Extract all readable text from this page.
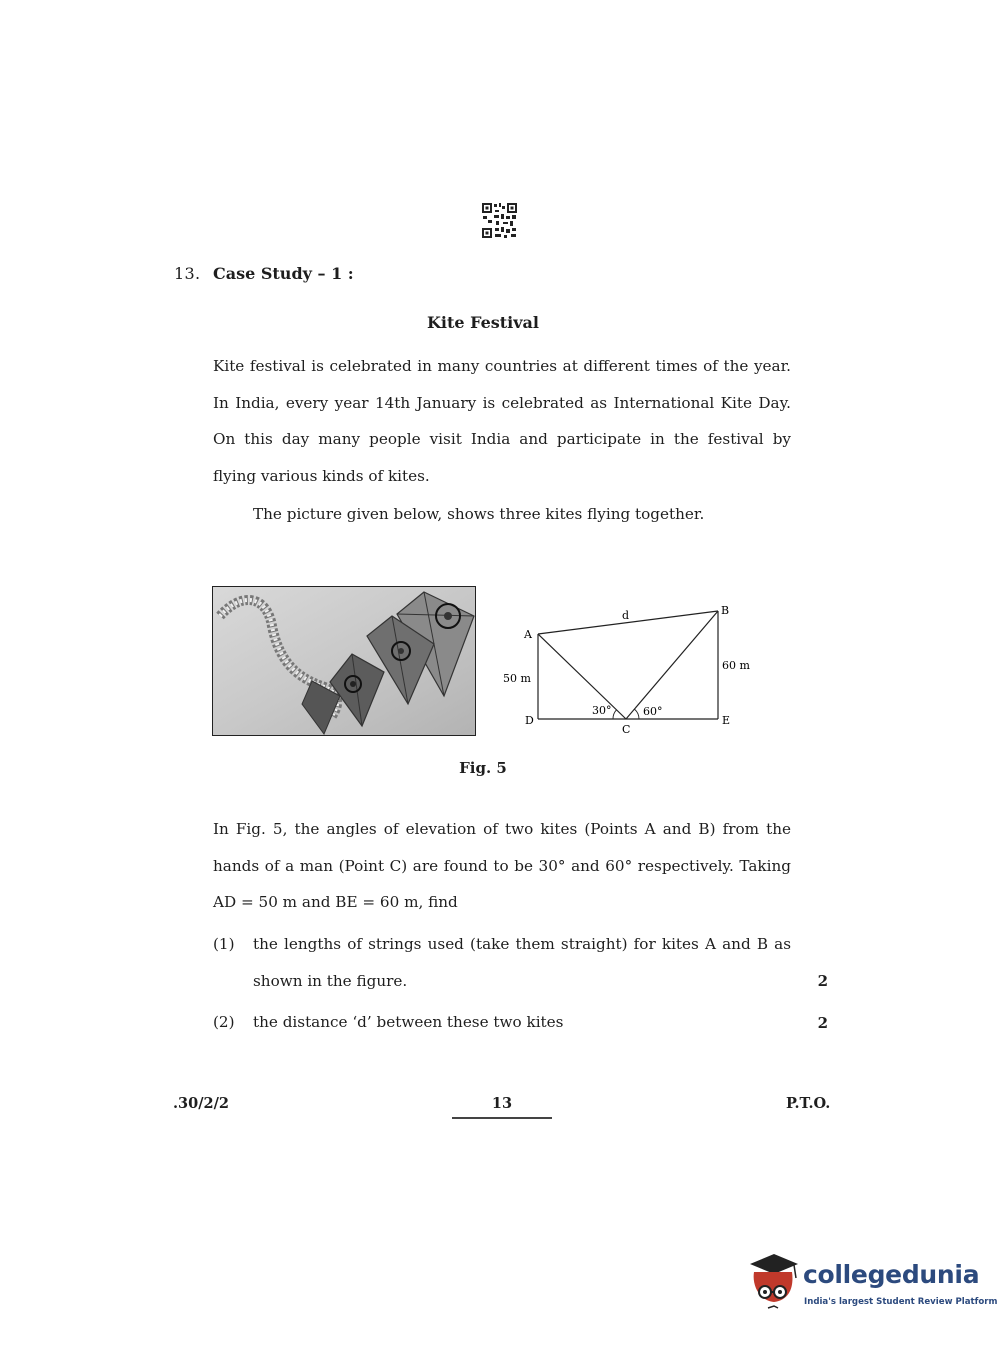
13. Case Study – 1 :
Kite Festival
Kite festival is celebrated in many countries at different times of the year.
In India, every year 14th January is celebrated as International Kite Day.
On this day many people visit India and participate in the festival by
flying various kinds of kites.
The picture given below, shows three kites flying together.
A
B
D	E
C
d
50 m
60 m
30°	60°
Fig. 5
In Fig. 5, the angles of elevation of two kites (Points A and B) from the
hands of a man (Point C) are found to be 30° and 60° respectively. Taking
AD = 50 m and BE = 60 m, find
(1) the lengths of strings used (take them straight) for kites A and B as
shown in the figure.	2
(2) the distance ‘d’ between these two kites	2
.30/2/2	13	P.T.O.
collegedunia
India's largest Student Review Platform
